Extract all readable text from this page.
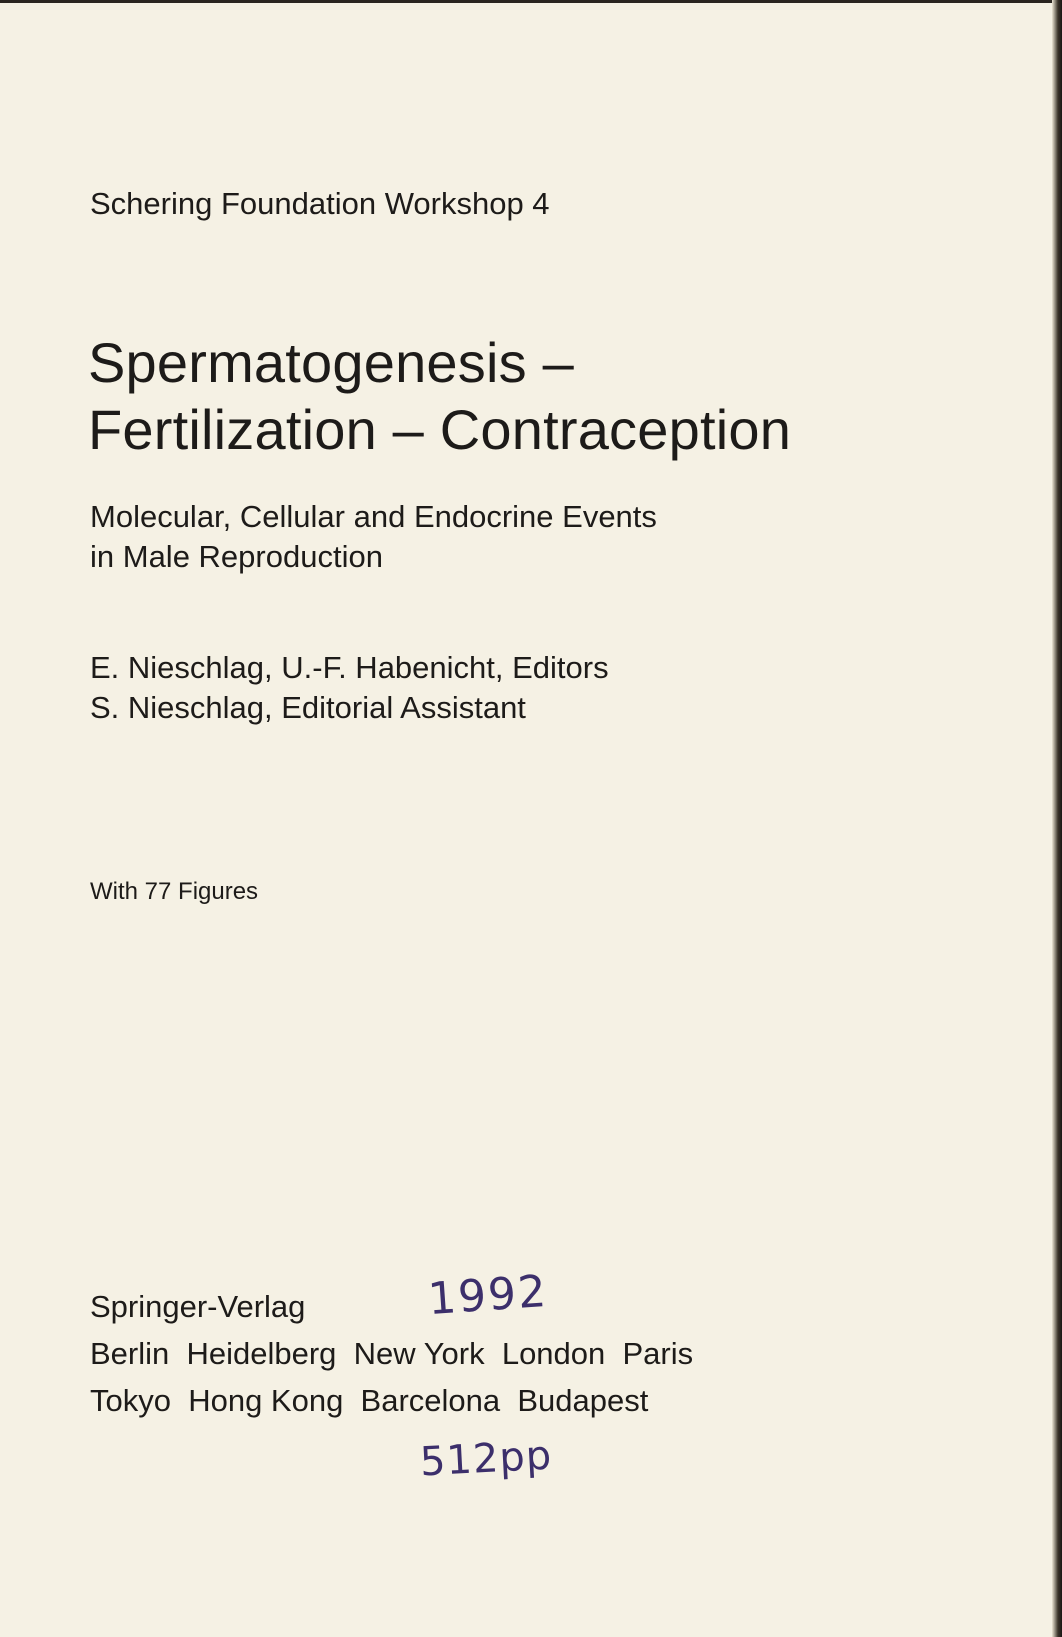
Schering Foundation Workshop 4

Spermatogenesis –
Fertilization – Contraception

Molecular, Cellular and Endocrine Events
in Male Reproduction

E. Nieschlag, U.-F. Habenicht, Editors
S. Nieschlag, Editorial Assistant

With 77 Figures

Springer-Verlag
Berlin  Heidelberg  New York  London  Paris
Tokyo  Hong Kong  Barcelona  Budapest

1992
512pp
